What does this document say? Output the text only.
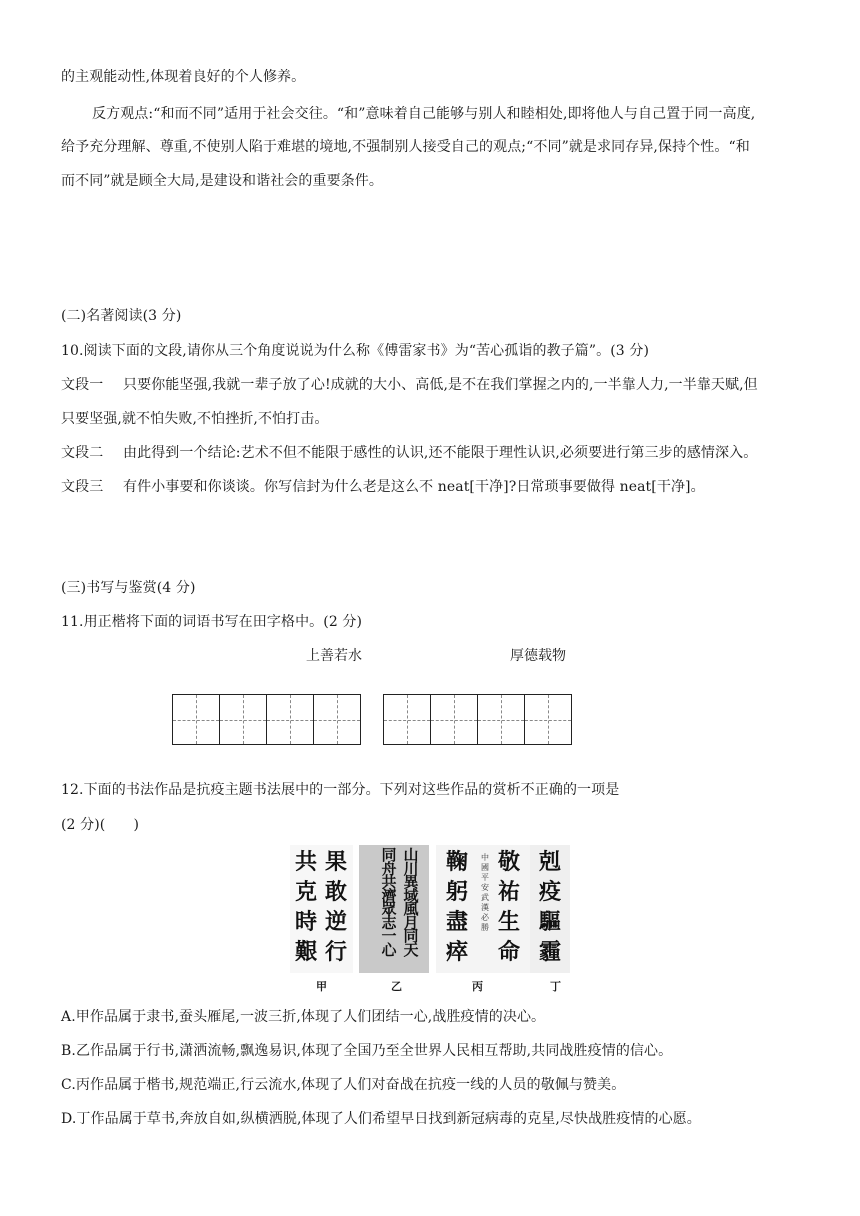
的主观能动性,体现着良好的个人修养。
反方观点:“和而不同”适用于社会交往。“和”意味着自己能够与别人和睦相处,即将他人与自己置于同一高度,
给予充分理解、尊重,不使别人陷于难堪的境地,不强制别人接受自己的观点;“不同”就是求同存异,保持个性。“和
而不同”就是顾全大局,是建设和谐社会的重要条件。
(二)名著阅读(3 分)
10.阅读下面的文段,请你从三个角度说说为什么称《傅雷家书》为“苦心孤诣的教子篇”。(3 分)
文段一 只要你能坚强,我就一辈子放了心!成就的大小、高低,是不在我们掌握之内的,一半靠人力,一半靠天赋,但
只要坚强,就不怕失败,不怕挫折,不怕打击。
文段二 由此得到一个结论:艺术不但不能限于感性的认识,还不能限于理性认识,必须要进行第三步的感情深入。
文段三 有件小事要和你谈谈。你写信封为什么老是这么不 neat[干净]?日常琐事要做得 neat[干净]。
(三)书写与鉴赏(4 分)
11.用正楷将下面的词语书写在田字格中。(2 分)
上善若水	厚德载物
12.下面的书法作品是抗疫主题书法展中的一部分。下列对这些作品的赏析不正确的一项是
(2 分)(　　)
果
敢
逆
行
共
克
時
艱
山
川
異
域
風
月
同
天
同
舟
共
濟
眾
志
一
心
敬
祐
生
命
中
國
平
安
武
漢
必
勝
鞠
躬
盡
瘁
剋
疫
驅
霾
甲	乙	丙	丁
A.甲作品属于隶书,蚕头雁尾,一波三折,体现了人们团结一心,战胜疫情的决心。
B.乙作品属于行书,潇洒流畅,飘逸易识,体现了全国乃至全世界人民相互帮助,共同战胜疫情的信心。
C.丙作品属于楷书,规范端正,行云流水,体现了人们对奋战在抗疫一线的人员的敬佩与赞美。
D.丁作品属于草书,奔放自如,纵横洒脱,体现了人们希望早日找到新冠病毒的克星,尽快战胜疫情的心愿。
